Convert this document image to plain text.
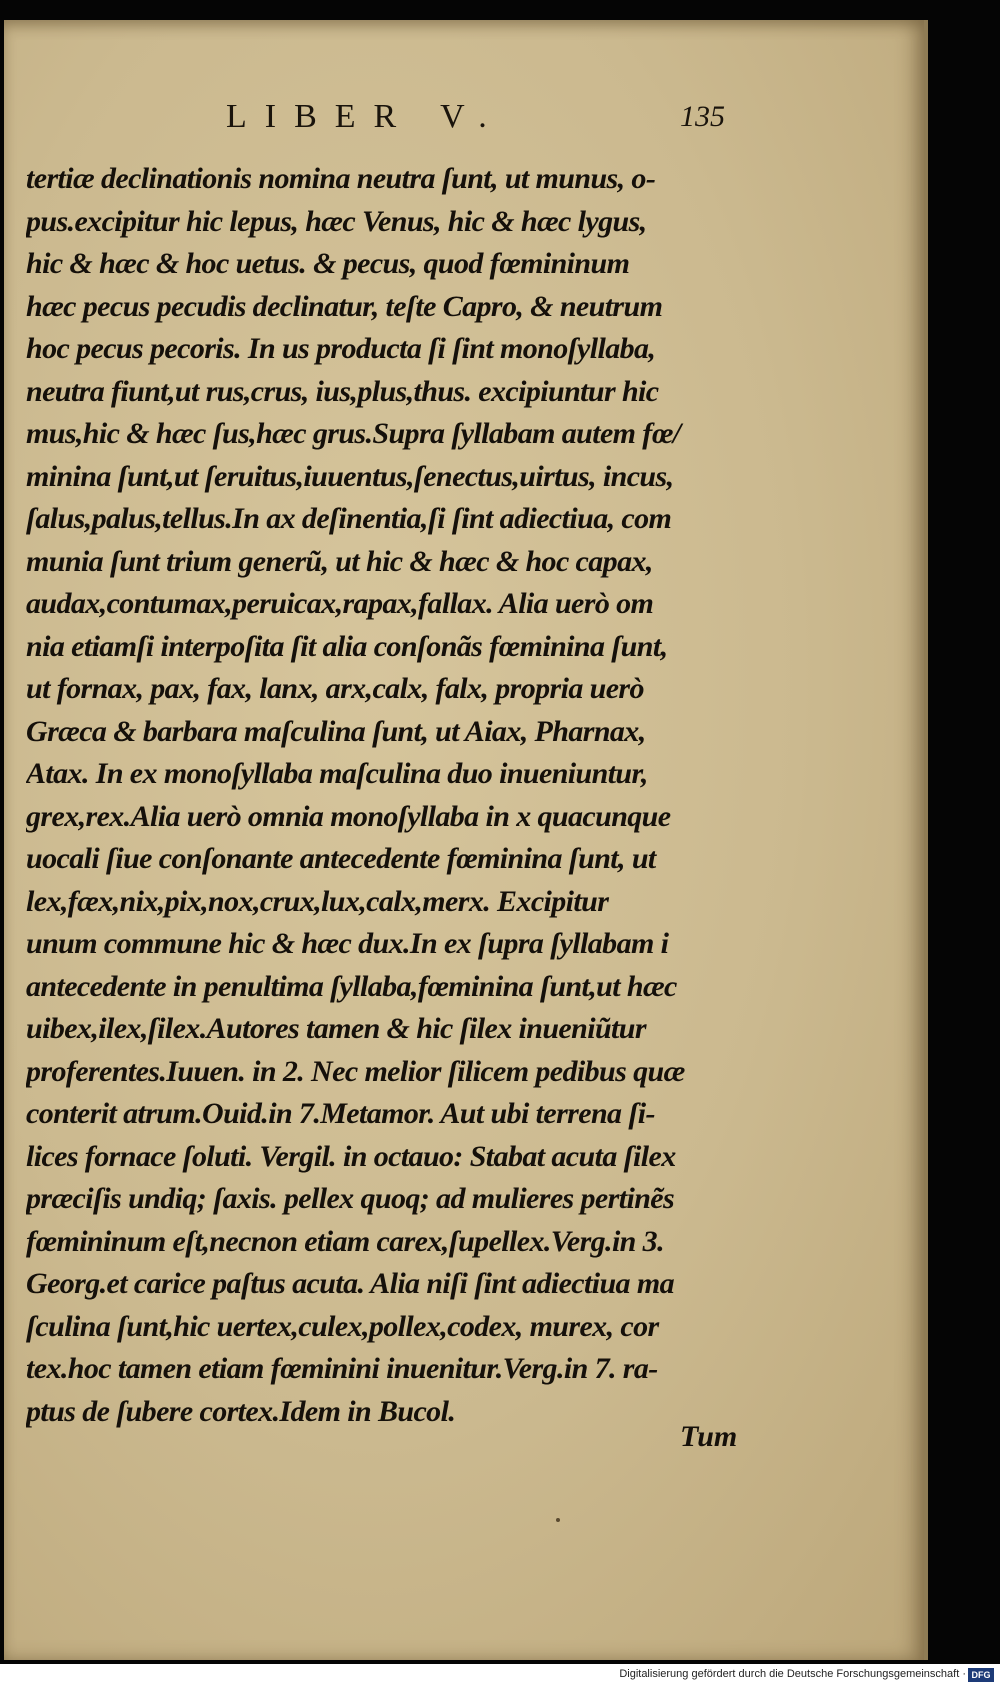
LIBER V.	135
tertiæ declinationis nomina neutra ſunt, ut munus, o-
pus.excipitur hic lepus, hæc Venus, hic & hæc lygus,
hic & hæc & hoc uetus. & pecus, quod fœmininum
hæc pecus pecudis declinatur, teſte Capro, & neutrum
hoc pecus pecoris. In us producta ſi ſint monoſyllaba,
neutra fiunt,ut rus,crus, ius,plus,thus. excipiuntur hic
mus,hic & hæc ſus,hæc grus.Supra ſyllabam autem fœ/
minina ſunt,ut ſeruitus,iuuentus,ſenectus,uirtus, incus,
ſalus,palus,tellus.In ax deſinentia,ſi ſint adiectiua, com
munia ſunt trium generũ, ut hic & hæc & hoc capax,
audax,contumax,peruicax,rapax,fallax. Alia uerò om
nia etiamſi interpoſita ſit alia conſonãs fœminina ſunt,
ut fornax, pax, fax, lanx, arx,calx, falx, propria uerò
Græca & barbara maſculina ſunt, ut Aiax, Pharnax,
Atax. In ex monoſyllaba maſculina duo inueniuntur,
grex,rex.Alia uerò omnia monoſyllaba in x quacunque
uocali ſiue conſonante antecedente fœminina ſunt, ut
lex,fæx,nix,pix,nox,crux,lux,calx,merx. Excipitur
unum commune hic & hæc dux.In ex ſupra ſyllabam i
antecedente in penultima ſyllaba,fœminina ſunt,ut hæc
uibex,ilex,ſilex.Autores tamen & hic ſilex inueniũtur
proferentes.Iuuen. in 2. Nec melior ſilicem pedibus quæ
conterit atrum.Ouid.in 7.Metamor. Aut ubi terrena ſi-
lices fornace ſoluti. Vergil. in octauo: Stabat acuta ſilex
præciſis undiq; ſaxis. pellex quoq; ad mulieres pertinẽs
fœmininum eſt,necnon etiam carex,ſupellex.Verg.in 3.
Georg.et carice paſtus acuta. Alia niſi ſint adiectiua ma
ſculina ſunt,hic uertex,culex,pollex,codex, murex, cor
tex.hoc tamen etiam fœminini inuenitur.Verg.in 7. ra-
ptus de ſubere cortex.Idem in Bucol.
Tum
Digitalisierung gefördert durch die Deutsche Forschungsgemeinschaft · DFG
